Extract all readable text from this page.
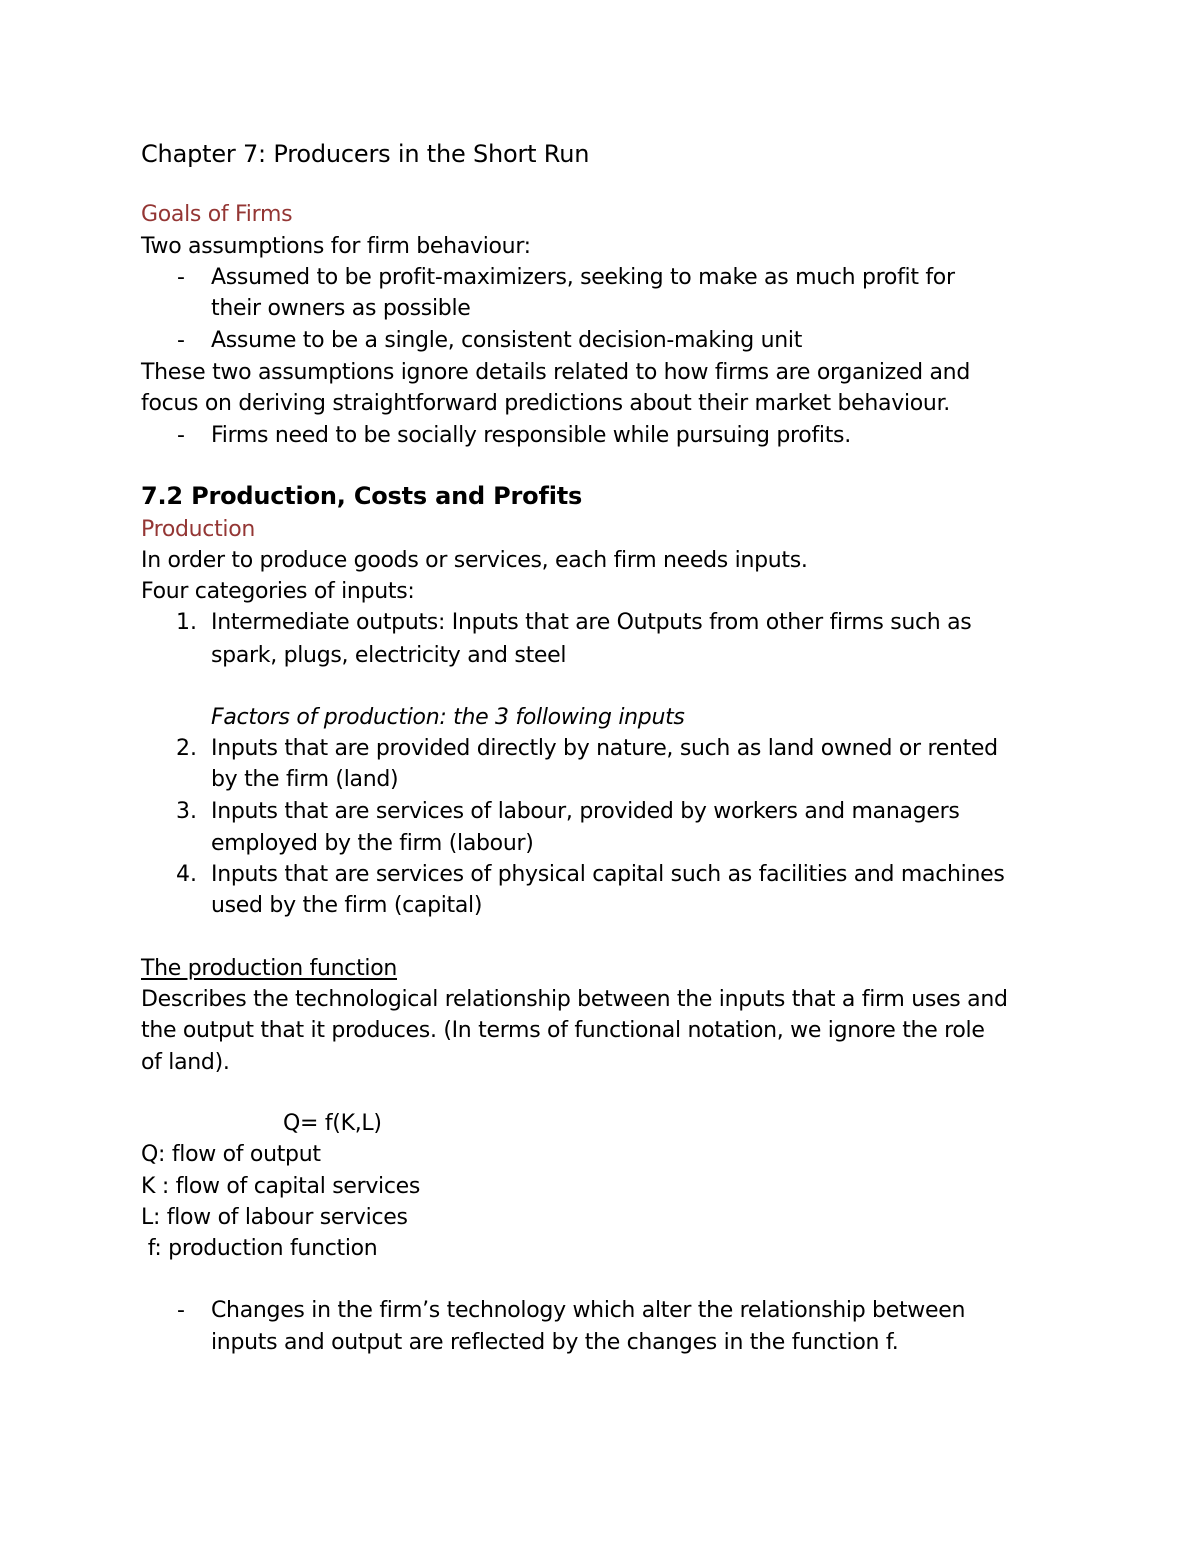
Chapter 7: Producers in the Short Run

Goals of Firms

Two assumptions for firm behaviour:

- Assumed to be profit-maximizers, seeking to make as much profit for

their owners as possible

- Assume to be a single, consistent decision-making unit

These two assumptions ignore details related to how firms are organized and

focus on deriving straightforward predictions about their market behaviour.

- Firms need to be socially responsible while pursuing profits.

7.2 Production, Costs and Profits

Production

In order to produce goods or services, each firm needs inputs.

Four categories of inputs:

1. Intermediate outputs: Inputs that are Outputs from other firms such as

spark, plugs, electricity and steel

Factors of production: the 3 following inputs

2. Inputs that are provided directly by nature, such as land owned or rented

by the firm (land)

3. Inputs that are services of labour, provided by workers and managers

employed by the firm (labour)

4. Inputs that are services of physical capital such as facilities and machines

used by the firm (capital)

The production function

Describes the technological relationship between the inputs that a firm uses and

the output that it produces. (In terms of functional notation, we ignore the role

of land).

Q= f(K,L)

Q: flow of output

K : flow of capital services

L: flow of labour services

f: production function

- Changes in the firm’s technology which alter the relationship between

inputs and output are reflected by the changes in the function f.
